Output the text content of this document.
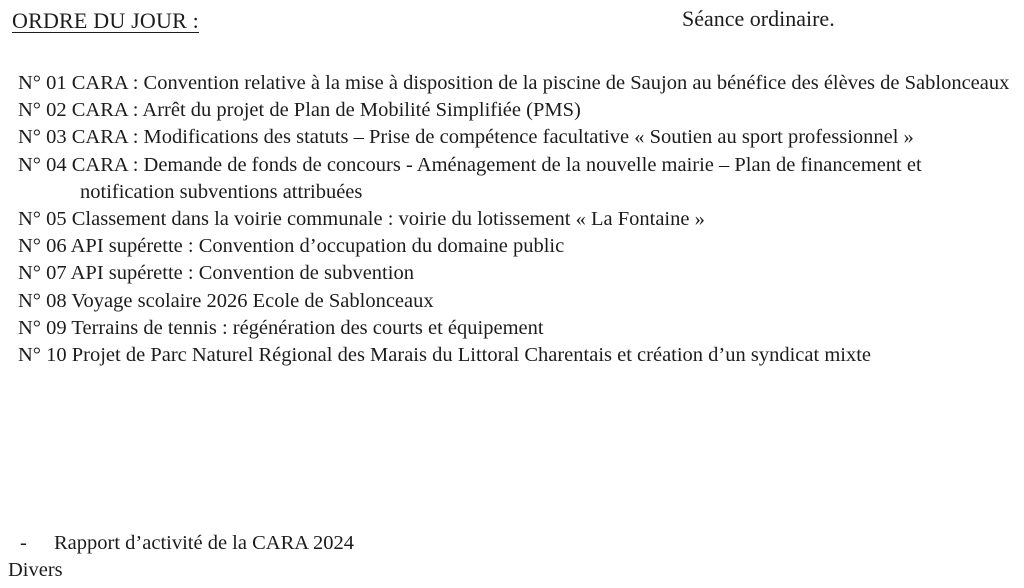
ORDRE DU JOUR :	Séance ordinaire.
N° 01 CARA : Convention relative à la mise à disposition de la piscine de Saujon au bénéfice des élèves de Sablonceaux
N° 02 CARA : Arrêt du projet de Plan de Mobilité Simplifiée (PMS)
N° 03 CARA : Modifications des statuts – Prise de compétence facultative « Soutien au sport professionnel »
N° 04 CARA : Demande de fonds de concours - Aménagement de la nouvelle mairie – Plan de financement et notification subventions attribuées
N° 05 Classement dans la voirie communale : voirie du lotissement « La Fontaine »
N° 06 API supérette : Convention d’occupation du domaine public
N° 07 API supérette : Convention de subvention
N° 08 Voyage scolaire 2026 Ecole de Sablonceaux
N° 09 Terrains de tennis : régénération des courts et équipement
N° 10 Projet de Parc Naturel Régional des Marais du Littoral Charentais et création d’un syndicat mixte
- Rapport d’activité de la CARA 2024
Divers
